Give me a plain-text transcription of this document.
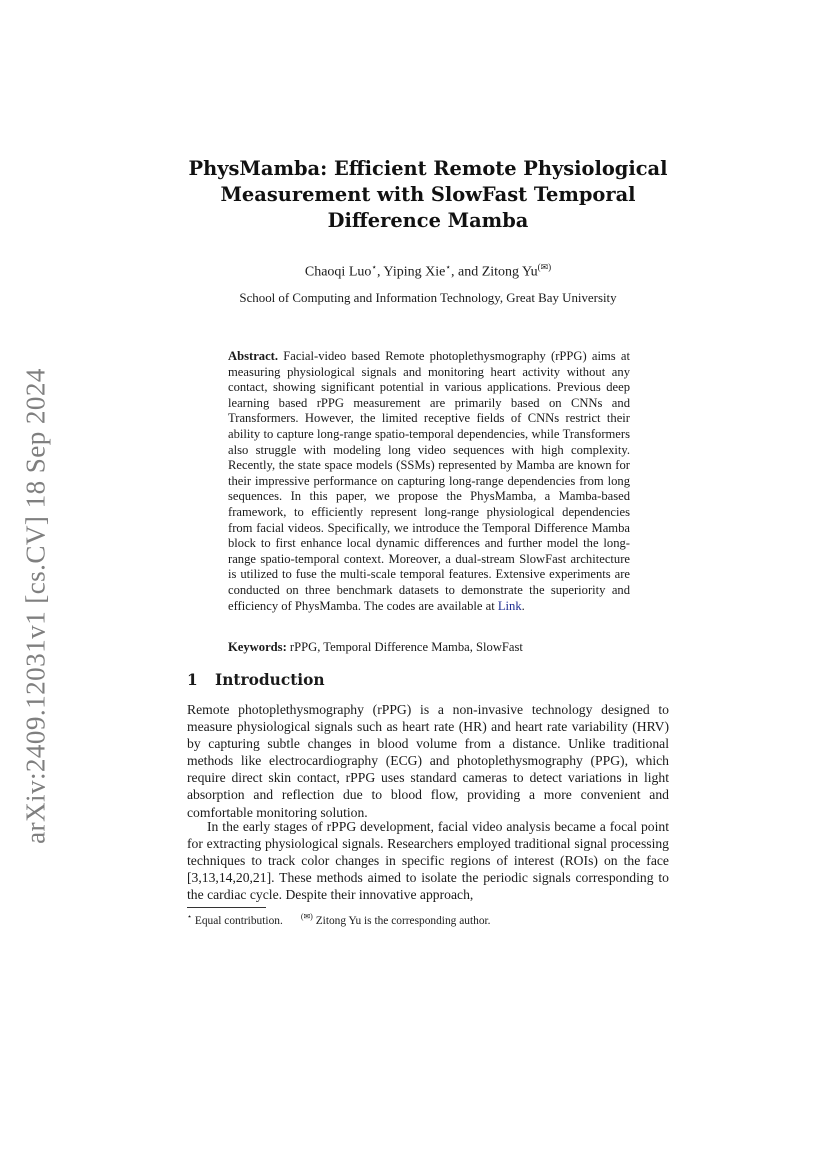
arXiv:2409.12031v1 [cs.CV] 18 Sep 2024
PhysMamba: Efficient Remote Physiological
Measurement with SlowFast Temporal
Difference Mamba
Chaoqi Luo⋆, Yiping Xie⋆, and Zitong Yu(✉)
School of Computing and Information Technology, Great Bay University
Abstract. Facial-video based Remote photoplethysmography (rPPG) aims at measuring physiological signals and monitoring heart activity without any contact, showing significant potential in various applications. Previous deep learning based rPPG measurement are primarily based on CNNs and Transformers. However, the limited receptive fields of CNNs restrict their ability to capture long-range spatio-temporal dependencies, while Transformers also struggle with modeling long video sequences with high complexity. Recently, the state space models (SSMs) represented by Mamba are known for their impressive performance on capturing long-range dependencies from long sequences. In this paper, we propose the PhysMamba, a Mamba-based framework, to efficiently represent long-range physiological dependencies from facial videos. Specifically, we introduce the Temporal Difference Mamba block to first enhance local dynamic differences and further model the long-range spatio-temporal context. Moreover, a dual-stream SlowFast architecture is utilized to fuse the multi-scale temporal features. Extensive experiments are conducted on three benchmark datasets to demonstrate the superiority and efficiency of PhysMamba. The codes are available at Link.
Keywords: rPPG, Temporal Difference Mamba, SlowFast
1 Introduction
Remote photoplethysmography (rPPG) is a non-invasive technology designed to measure physiological signals such as heart rate (HR) and heart rate variability (HRV) by capturing subtle changes in blood volume from a distance. Unlike traditional methods like electrocardiography (ECG) and photoplethysmography (PPG), which require direct skin contact, rPPG uses standard cameras to detect variations in light absorption and reflection due to blood flow, providing a more convenient and comfortable monitoring solution.
In the early stages of rPPG development, facial video analysis became a focal point for extracting physiological signals. Researchers employed traditional signal processing techniques to track color changes in specific regions of interest (ROIs) on the face [3,13,14,20,21]. These methods aimed to isolate the periodic signals corresponding to the cardiac cycle. Despite their innovative approach,
⋆ Equal contribution. (✉) Zitong Yu is the corresponding author.
